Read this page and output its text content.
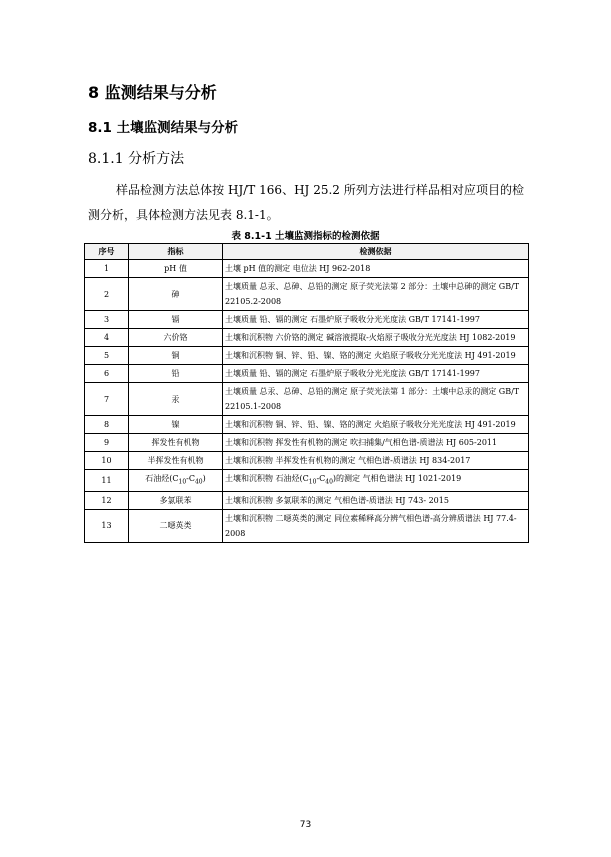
8 监测结果与分析
8.1 土壤监测结果与分析
8.1.1 分析方法
样品检测方法总体按 HJ/T 166、HJ 25.2 所列方法进行样品相对应项目的检测分析，具体检测方法见表 8.1-1。
表 8.1-1 土壤监测指标的检测依据
序号	指标	检测依据
1	pH 值	土壤 pH 值的测定 电位法 HJ 962-2018
2	砷	土壤质量 总汞、总砷、总铅的测定 原子荧光法第 2 部分：土壤中总砷的测定 GB/T 22105.2-2008
3	镉	土壤质量 铅、镉的测定 石墨炉原子吸收分光光度法 GB/T 17141-1997
4	六价铬	土壤和沉积物 六价铬的测定 碱溶液提取-火焰原子吸收分光光度法 HJ 1082-2019
5	铜	土壤和沉积物 铜、锌、铅、镍、铬的测定 火焰原子吸收分光光度法 HJ 491-2019
6	铅	土壤质量 铅、镉的测定 石墨炉原子吸收分光光度法 GB/T 17141-1997
7	汞	土壤质量 总汞、总砷、总铅的测定 原子荧光法第 1 部分：土壤中总汞的测定 GB/T 22105.1-2008
8	镍	土壤和沉积物 铜、锌、铅、镍、铬的测定 火焰原子吸收分光光度法 HJ 491-2019
9	挥发性有机物	土壤和沉积物 挥发性有机物的测定 吹扫捕集/气相色谱-质谱法 HJ 605-2011
10	半挥发性有机物	土壤和沉积物 半挥发性有机物的测定 气相色谱-质谱法 HJ 834-2017
11	石油烃$(C_{10}-C_{40})$	土壤和沉积物 石油烃$(C_{10}-C_{40})$的测定 气相色谱法 HJ 1021-2019
12	多氯联苯	土壤和沉积物 多氯联苯的测定 气相色谱-质谱法 HJ 743- 2015
13	二噁英类	土壤和沉积物 二噁英类的测定 同位素稀释高分辨气相色谱-高分辨质谱法 HJ 77.4-2008
73
